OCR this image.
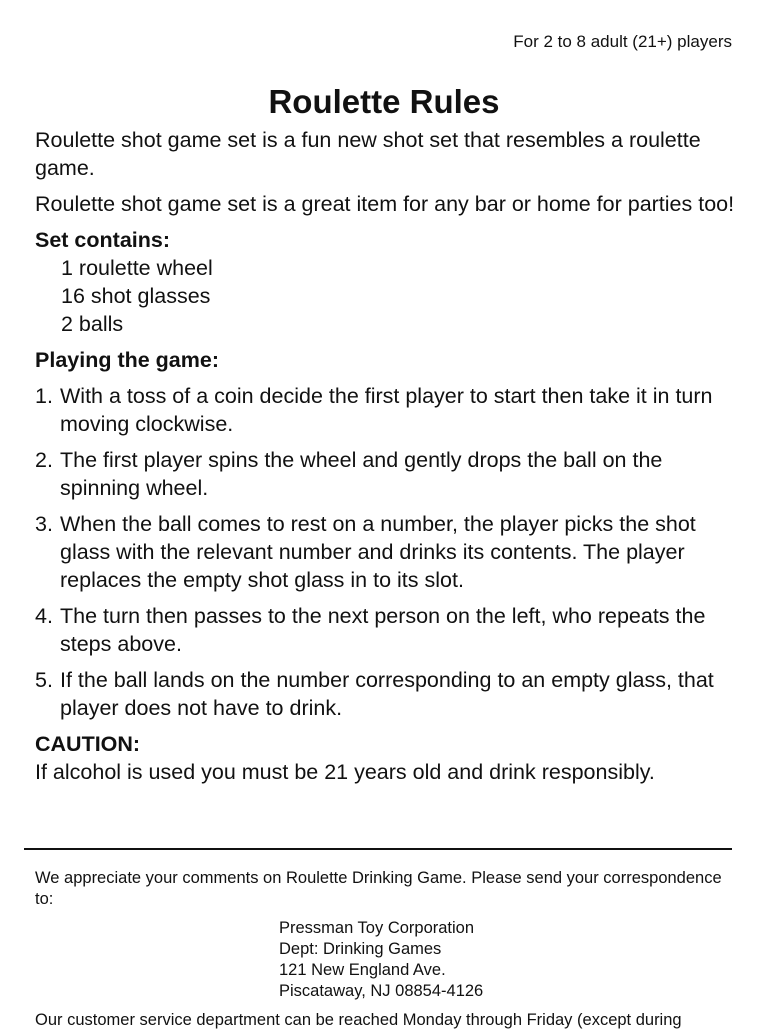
For 2 to 8 adult (21+) players
Roulette Rules

Roulette shot game set is a fun new shot set that resembles a roulette game.

Roulette shot game set is a great item for any bar or home for parties too!

Set contains:

1 roulette wheel
16 shot glasses
2 balls

Playing the game:

1. With a toss of a coin decide the first player to start then take it in turn moving clockwise.
2. The first player spins the wheel and gently drops the ball on the spinning wheel.
3. When the ball comes to rest on a number, the player picks the shot glass with the relevant number and drinks its contents. The player replaces the empty shot glass in to its slot.
4. The turn then passes to the next person on the left, who repeats the steps above.
5. If the ball lands on the number corresponding to an empty glass, that player does not have to drink.

CAUTION:

If alcohol is used you must be 21 years old and drink responsibly.

We appreciate your comments on Roulette Drinking Game. Please send your correspondence to:

Pressman Toy Corporation
Dept: Drinking Games
121 New England Ave.
Piscataway, NJ 08854-4126

Our customer service department can be reached Monday through Friday (except during
